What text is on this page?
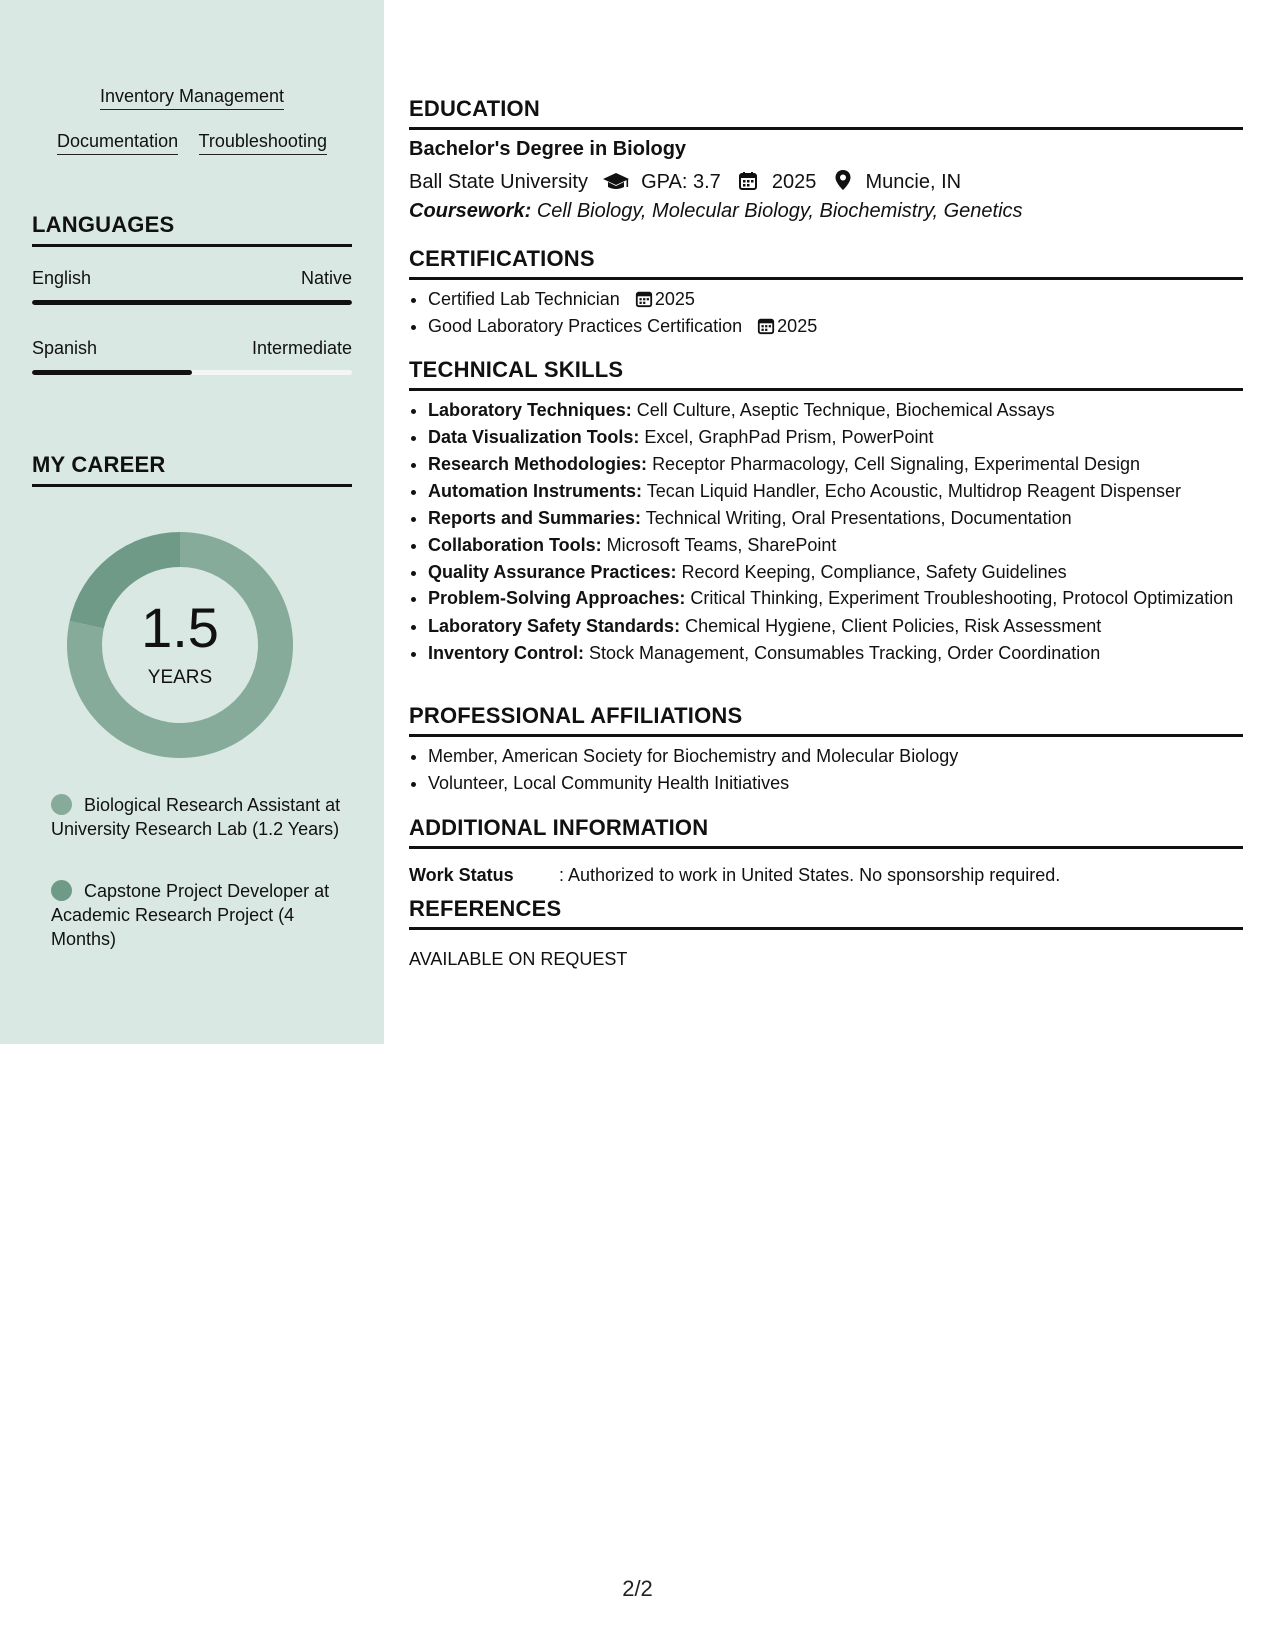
Inventory Management
Documentation Troubleshooting
LANGUAGES
English	Native
Spanish	Intermediate
MY CAREER
1.5
YEARS
Biological Research Assistant at University Research Lab (1.2 Years)
Capstone Project Developer at Academic Research Project (4 Months)
EDUCATION
Bachelor's Degree in Biology
Ball State University	GPA: 3.7	2025 Muncie, IN
Coursework: Cell Biology, Molecular Biology, Biochemistry, Genetics
CERTIFICATIONS
• Certified Lab Technician 2025
• Good Laboratory Practices Certification 2025
TECHNICAL SKILLS
• Laboratory Techniques: Cell Culture, Aseptic Technique, Biochemical Assays
• Data Visualization Tools: Excel, GraphPad Prism, PowerPoint
• Research Methodologies: Receptor Pharmacology, Cell Signaling, Experimental Design
• Automation Instruments: Tecan Liquid Handler, Echo Acoustic, Multidrop Reagent Dispenser
• Reports and Summaries: Technical Writing, Oral Presentations, Documentation
• Collaboration Tools: Microsoft Teams, SharePoint
• Quality Assurance Practices: Record Keeping, Compliance, Safety Guidelines
• Problem-Solving Approaches: Critical Thinking, Experiment Troubleshooting, Protocol Optimization
• Laboratory Safety Standards: Chemical Hygiene, Client Policies, Risk Assessment
• Inventory Control: Stock Management, Consumables Tracking, Order Coordination
PROFESSIONAL AFFILIATIONS
• Member, American Society for Biochemistry and Molecular Biology
• Volunteer, Local Community Health Initiatives
ADDITIONAL INFORMATION
Work Status	: Authorized to work in United States. No sponsorship required.
REFERENCES
AVAILABLE ON REQUEST
2/2
